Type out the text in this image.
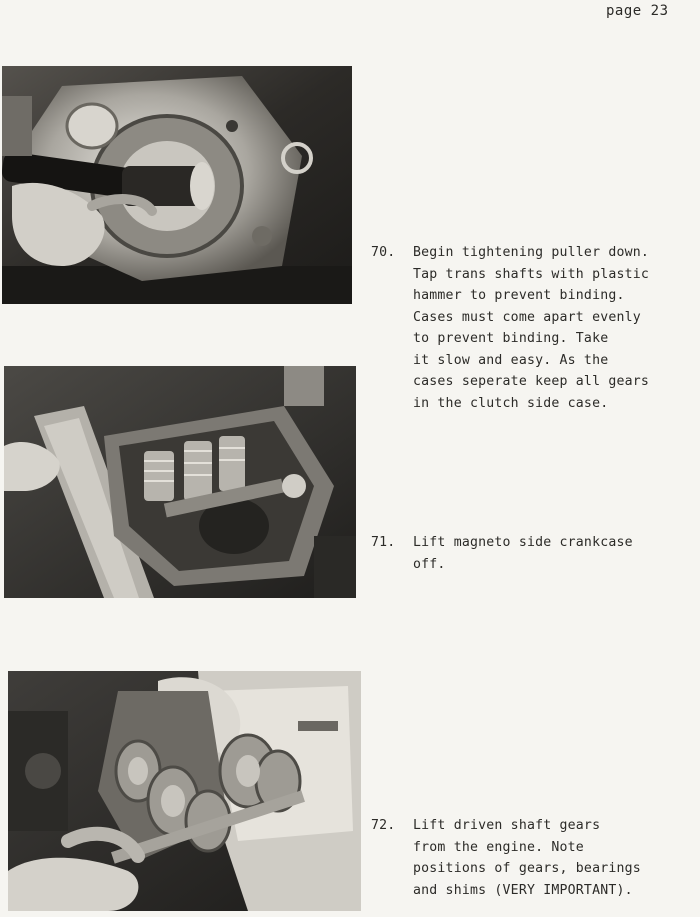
page 23
70.	Begin tightening puller down.
Tap trans shafts with plastic
hammer to prevent binding.
Cases must come apart evenly
to prevent binding. Take
it slow and easy. As the
cases seperate keep all gears
in the clutch side case.
71.	Lift magneto side crankcase
off.
72.	Lift driven shaft gears
from the engine. Note
positions of gears, bearings
and shims (VERY IMPORTANT).
